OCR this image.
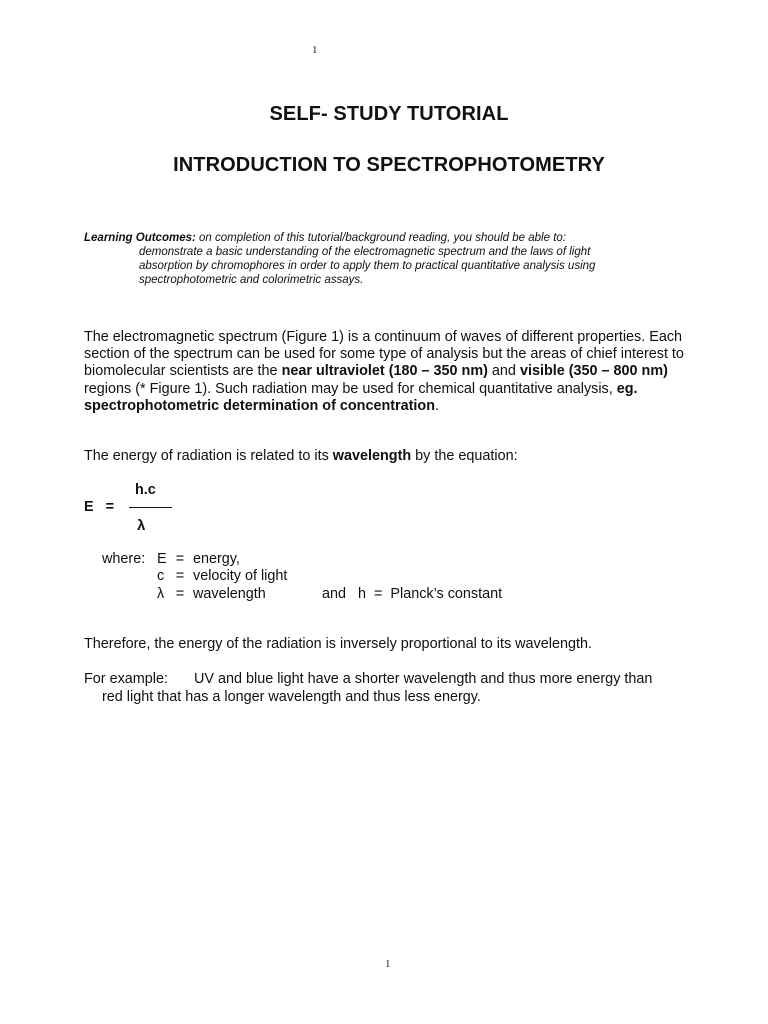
1
SELF- STUDY TUTORIAL
INTRODUCTION TO SPECTROPHOTOMETRY
Learning Outcomes: on completion of this tutorial/background reading, you should be able to:
demonstrate a basic understanding of the electromagnetic spectrum and the laws of light
absorption by chromophores in order to apply them to practical quantitative analysis using
spectrophotometric and colorimetric assays.
The electromagnetic spectrum (Figure 1) is a continuum of waves of different properties. Each section of the spectrum can be used for some type of analysis but the areas of chief interest to biomolecular scientists are the near ultraviolet (180 – 350 nm) and visible (350 – 800 nm) regions (* Figure 1). Such radiation may be used for chemical quantitative analysis, eg. spectrophotometric determination of concentration.
The energy of radiation is related to its wavelength by the equation:
E =
h.c
λ
where: E = energy,
c = velocity of light
λ = wavelength	and   h  =  Planck’s constant
Therefore, the energy of the radiation is inversely proportional to its wavelength.
For example: UV and blue light have a shorter wavelength and thus more energy than
red light that has a longer wavelength and thus less energy.
1
